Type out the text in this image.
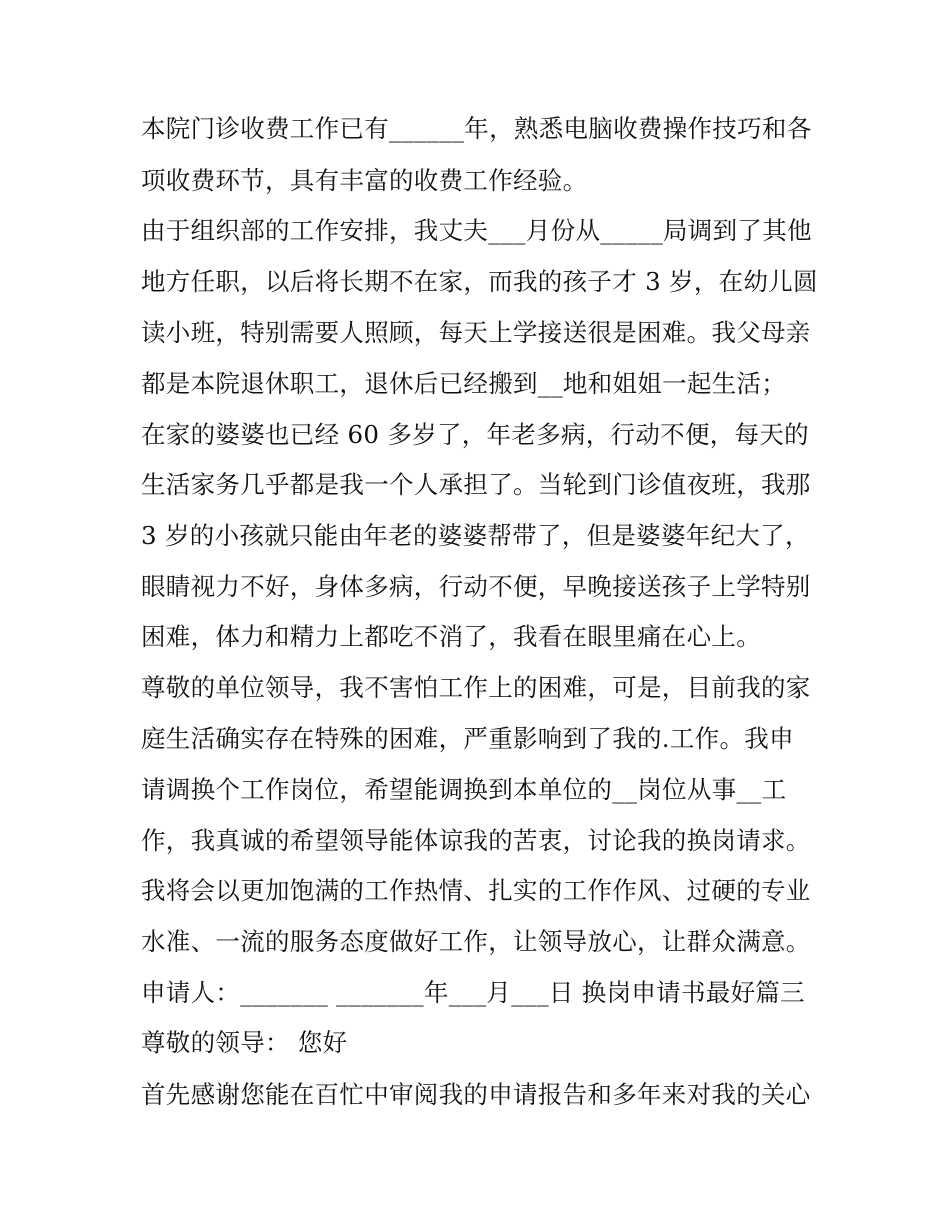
本院门诊收费工作已有______年，熟悉电脑收费操作技巧和各
项收费环节，具有丰富的收费工作经验。
由于组织部的工作安排，我丈夫___月份从_____局调到了其他
地方任职，以后将长期不在家，而我的孩子才 3 岁，在幼儿圆
读小班，特别需要人照顾，每天上学接送很是困难。我父母亲
都是本院退休职工，退休后已经搬到__地和姐姐一起生活；
在家的婆婆也已经 60 多岁了，年老多病，行动不便，每天的
生活家务几乎都是我一个人承担了。当轮到门诊值夜班，我那
3 岁的小孩就只能由年老的婆婆帮带了，但是婆婆年纪大了，
眼睛视力不好，身体多病，行动不便，早晚接送孩子上学特别
困难，体力和精力上都吃不消了，我看在眼里痛在心上。
尊敬的单位领导，我不害怕工作上的困难，可是，目前我的家
庭生活确实存在特殊的困难，严重影响到了我的.工作。我申
请调换个工作岗位，希望能调换到本单位的__岗位从事__工
作，我真诚的希望领导能体谅我的苦衷，讨论我的换岗请求。
我将会以更加饱满的工作热情、扎实的工作作风、过硬的专业
水准、一流的服务态度做好工作，让领导放心，让群众满意。
申请人：_______ _______年___月___日 换岗申请书最好篇三
尊敬的领导： 您好
首先感谢您能在百忙中审阅我的申请报告和多年来对我的关心
